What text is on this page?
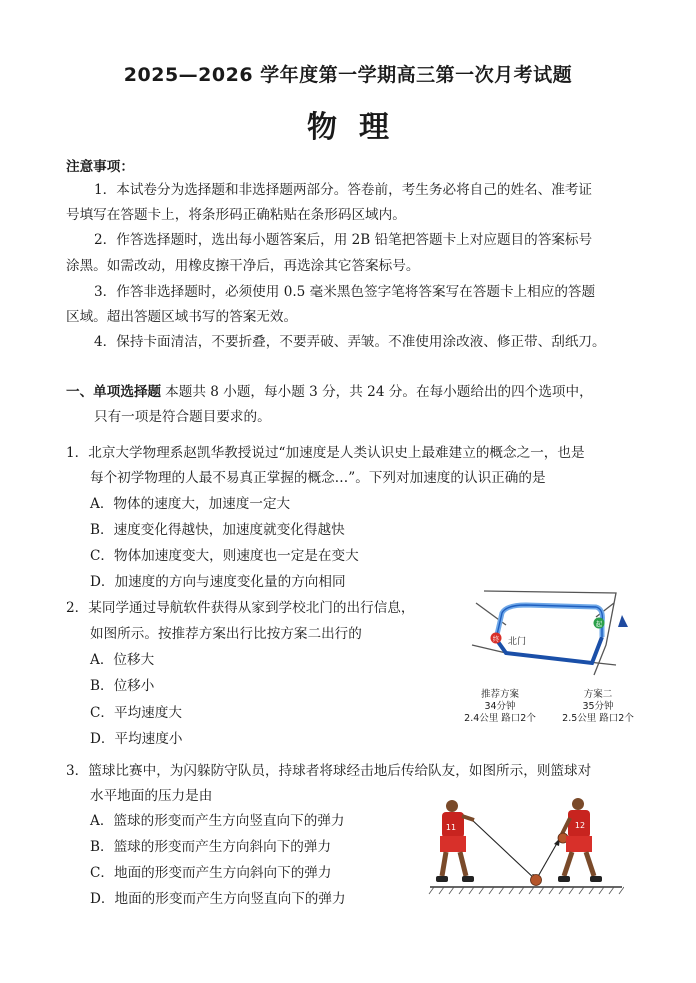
2025—2026 学年度第一学期高三第一次月考试题
物理
注意事项：
1．本试卷分为选择题和非选择题两部分。答卷前，考生务必将自己的姓名、准考证
号填写在答题卡上，将条形码正确粘贴在条形码区域内。
2．作答选择题时，选出每小题答案后，用 2B 铅笔把答题卡上对应题目的答案标号
涂黑。如需改动，用橡皮擦干净后，再选涂其它答案标号。
3．作答非选择题时，必须使用 0.5 毫米黑色签字笔将答案写在答题卡上相应的答题
区域。超出答题区域书写的答案无效。
4．保持卡面清洁，不要折叠，不要弄破、弄皱。不准使用涂改液、修正带、刮纸刀。
一、单项选择题 本题共 8 小题，每小题 3 分，共 24 分。在每小题给出的四个选项中，
只有一项是符合题目要求的。
1．北京大学物理系赵凯华教授说过“加速度是人类认识史上最难建立的概念之一，也是
每个初学物理的人最不易真正掌握的概念…”。下列对加速度的认识正确的是
A．物体的速度大，加速度一定大
B．速度变化得越快，加速度就变化得越快
C．物体加速度变大，则速度也一定是在变大
D．加速度的方向与速度变化量的方向相同
2．某同学通过导航软件获得从家到学校北门的出行信息，
如图所示。按推荐方案出行比按方案二出行的
A．位移大
B．位移小
C．平均速度大
D．平均速度小
终
起
北门
推荐方案
34分钟
2.4公里 路口2个
方案二
35分钟
2.5公里 路口2个
3．篮球比赛中，为闪躲防守队员，持球者将球经击地后传给队友，如图所示，则篮球对
水平地面的压力是由
A．篮球的形变而产生方向竖直向下的弹力
B．篮球的形变而产生方向斜向下的弹力
C．地面的形变而产生方向斜向下的弹力
D．地面的形变而产生方向竖直向下的弹力
11	12
